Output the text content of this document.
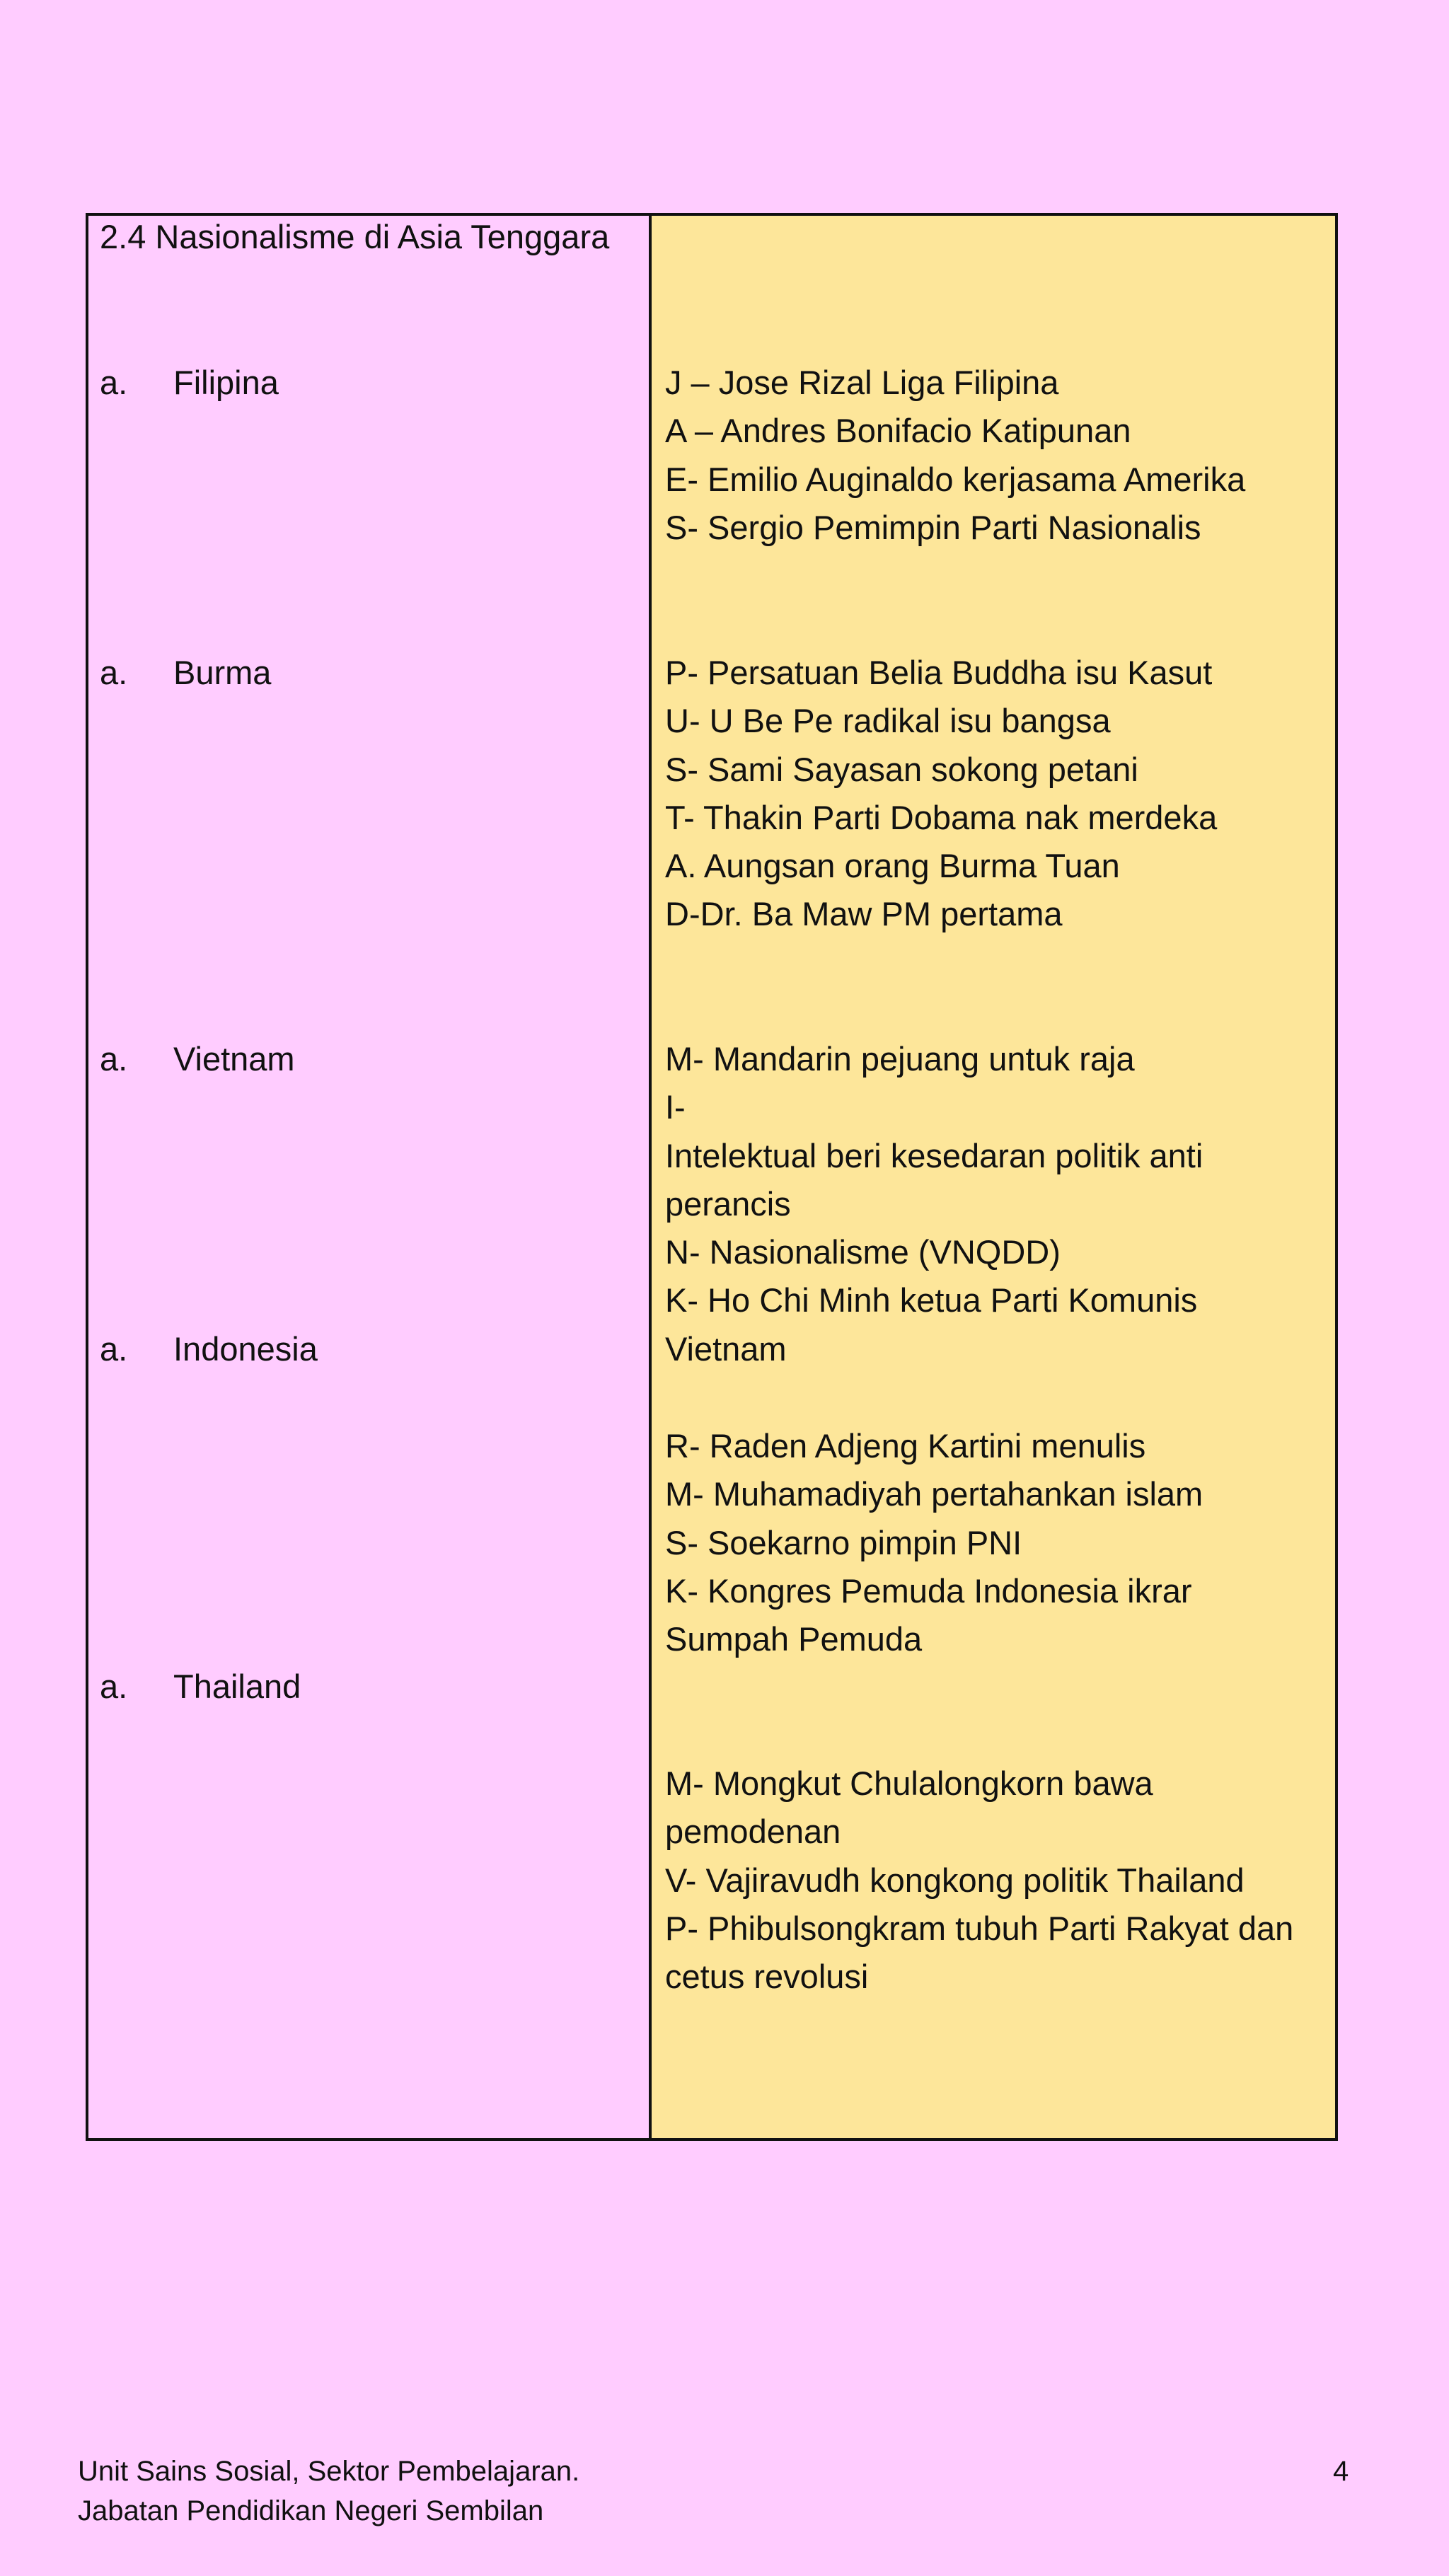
2.4 Nasionalisme di Asia Tenggara
a. Filipina
a. Burma
a. Vietnam
a. Indonesia
a. Thailand
J – Jose Rizal Liga Filipina
A – Andres Bonifacio Katipunan
E- Emilio Auginaldo kerjasama Amerika
S- Sergio Pemimpin Parti Nasionalis
P- Persatuan Belia Buddha isu Kasut
U- U Be Pe radikal isu bangsa
S- Sami Sayasan sokong petani
T- Thakin Parti Dobama nak merdeka
A. Aungsan orang Burma Tuan
D-Dr. Ba Maw PM pertama
M- Mandarin pejuang untuk raja
I-
Intelektual beri kesedaran politik anti
perancis
N- Nasionalisme (VNQDD)
K- Ho Chi Minh ketua Parti Komunis
Vietnam
R- Raden Adjeng Kartini menulis
M- Muhamadiyah pertahankan islam
S- Soekarno pimpin PNI
K- Kongres Pemuda Indonesia ikrar
Sumpah Pemuda
M- Mongkut Chulalongkorn bawa
pemodenan
V- Vajiravudh kongkong politik Thailand
P- Phibulsongkram tubuh Parti Rakyat dan
cetus revolusi
Unit Sains Sosial, Sektor Pembelajaran.
Jabatan Pendidikan Negeri Sembilan
4
